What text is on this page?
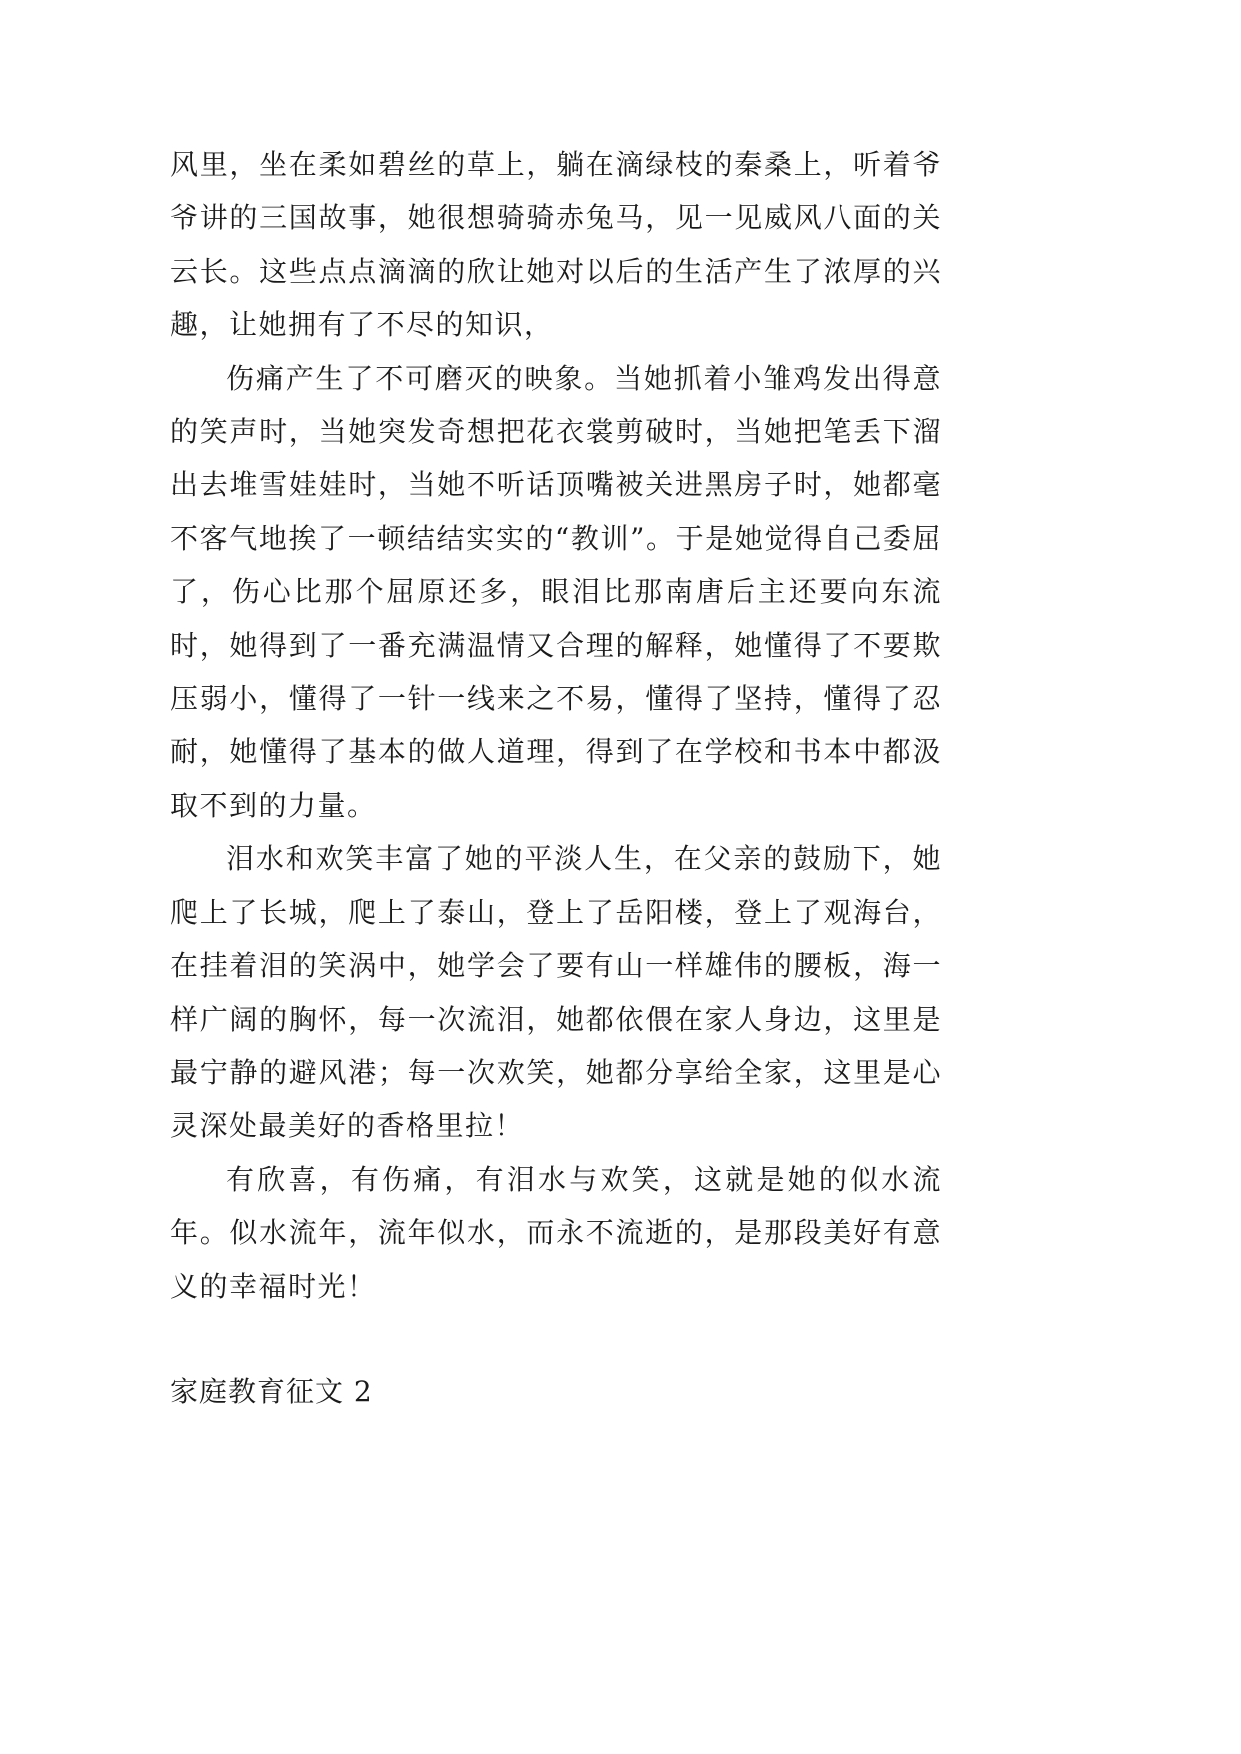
风里，坐在柔如碧丝的草上，躺在滴绿枝的秦桑上，听着爷爷讲的三国故事，她很想骑骑赤兔马，见一见威风八面的关云长。这些点点滴滴的欣让她对以后的生活产生了浓厚的兴趣，让她拥有了不尽的知识，

伤痛产生了不可磨灭的映象。当她抓着小雏鸡发出得意的笑声时，当她突发奇想把花衣裳剪破时，当她把笔丢下溜出去堆雪娃娃时，当她不听话顶嘴被关进黑房子时，她都毫不客气地挨了一顿结结实实的“教训”。于是她觉得自己委屈了，伤心比那个屈原还多，眼泪比那南唐后主还要向东流时，她得到了一番充满温情又合理的解释，她懂得了不要欺压弱小，懂得了一针一线来之不易，懂得了坚持，懂得了忍耐，她懂得了基本的做人道理，得到了在学校和书本中都汲取不到的力量。

泪水和欢笑丰富了她的平淡人生，在父亲的鼓励下，她爬上了长城，爬上了泰山，登上了岳阳楼，登上了观海台，在挂着泪的笑涡中，她学会了要有山一样雄伟的腰板，海一样广阔的胸怀，每一次流泪，她都依偎在家人身边，这里是最宁静的避风港；每一次欢笑，她都分享给全家，这里是心灵深处最美好的香格里拉！

有欣喜，有伤痛，有泪水与欢笑，这就是她的似水流年。似水流年，流年似水，而永不流逝的，是那段美好有意义的幸福时光！

家庭教育征文 2
